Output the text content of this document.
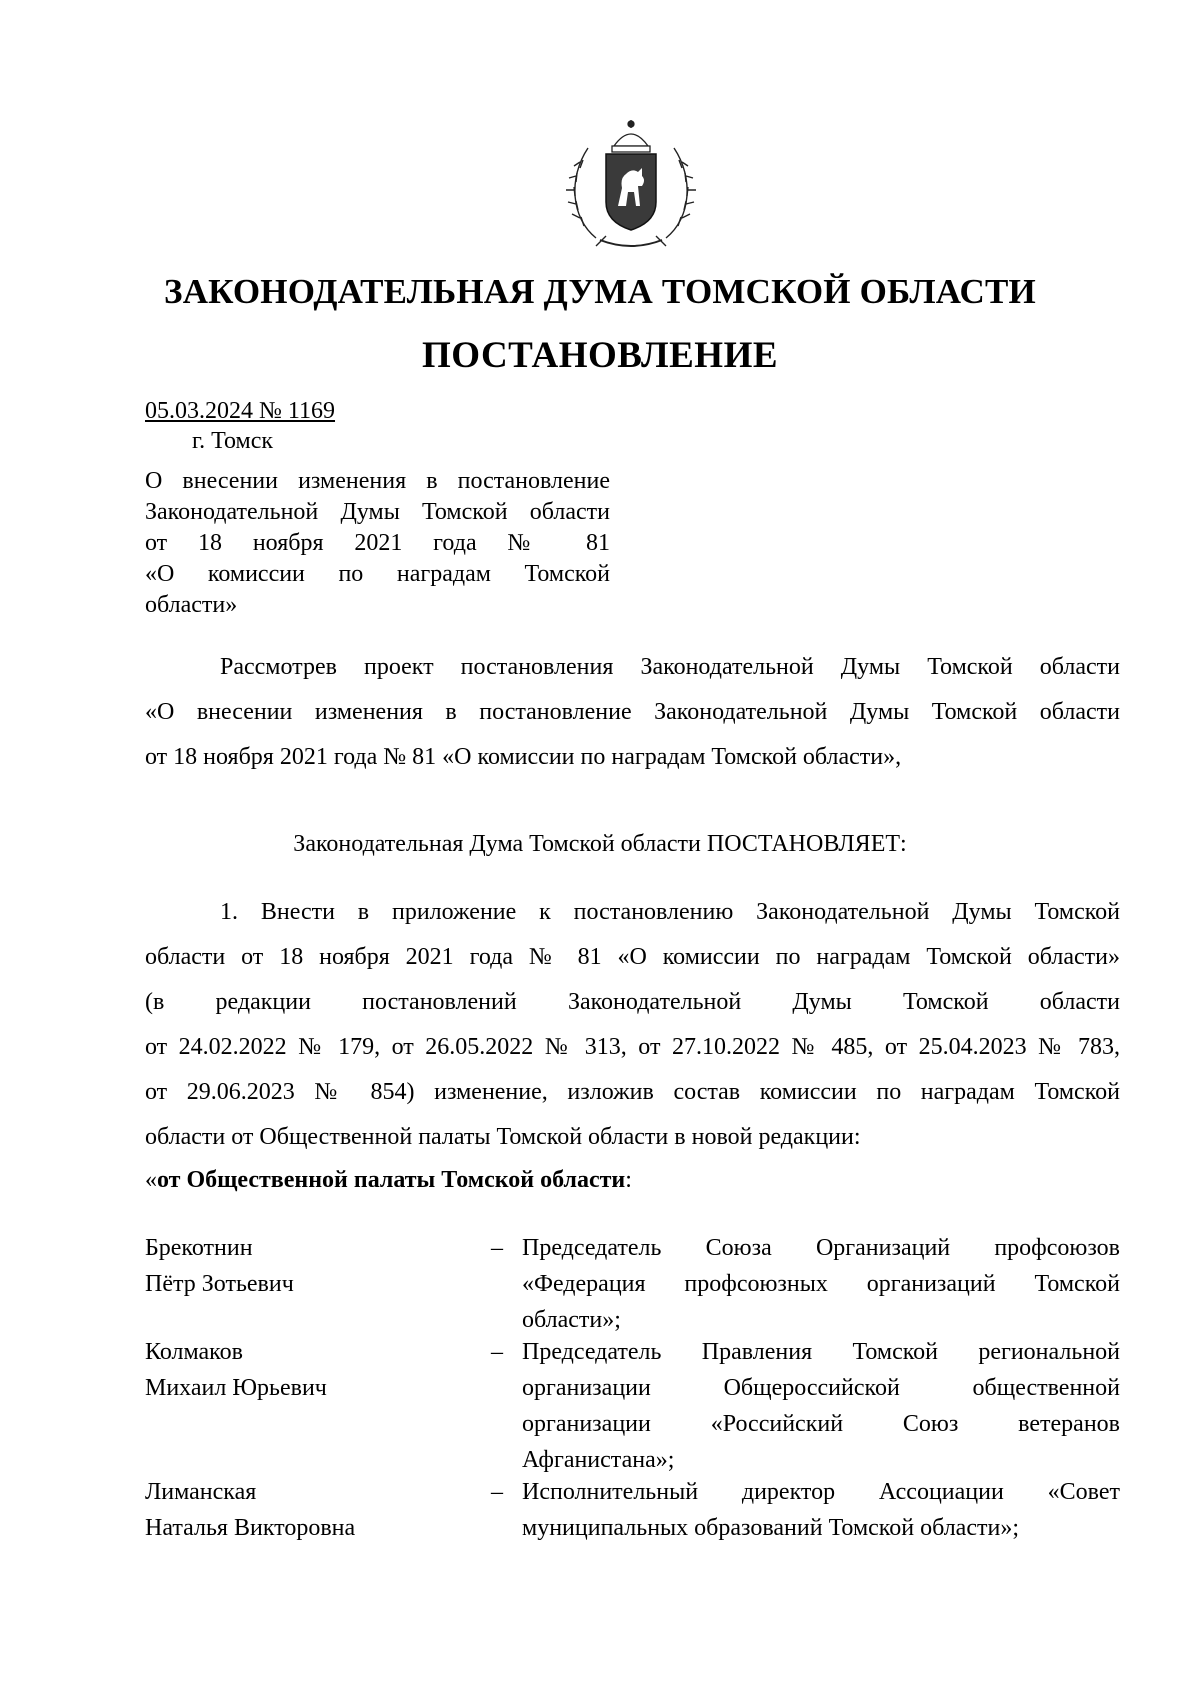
ЗАКОНОДАТЕЛЬНАЯ ДУМА ТОМСКОЙ ОБЛАСТИ
ПОСТАНОВЛЕНИЕ
05.03.2024 № 1169
г. Томск
О внесении изменения в постановление
Законодательной Думы Томской области
от 18 ноября 2021 года № 81
«О комиссии по наградам Томской
области»
Рассмотрев проект постановления Законодательной Думы Томской области
«О внесении изменения в постановление Законодательной Думы Томской области
от 18 ноября 2021 года № 81 «О комиссии по наградам Томской области»,
Законодательная Дума Томской области ПОСТАНОВЛЯЕТ:
1. Внести в приложение к постановлению Законодательной Думы Томской
области от 18 ноября 2021 года № 81 «О комиссии по наградам Томской области»
(в редакции постановлений Законодательной Думы Томской области
от 24.02.2022 № 179, от 26.05.2022 № 313, от 27.10.2022 № 485, от 25.04.2023 № 783,
от 29.06.2023 № 854) изменение, изложив состав комиссии по наградам Томской
области от Общественной палаты Томской области в новой редакции:
«от Общественной палаты Томской области:
Брекотнин
Пётр Зотьевич
– Председатель Союза Организаций профсоюзов
«Федерация профсоюзных организаций Томской
области»;
Колмаков
Михаил Юрьевич
– Председатель Правления Томской региональной
организации Общероссийской общественной
организации «Российский Союз ветеранов
Афганистана»;
Лиманская
Наталья Викторовна
– Исполнительный директор Ассоциации «Совет
муниципальных образований Томской области»;
